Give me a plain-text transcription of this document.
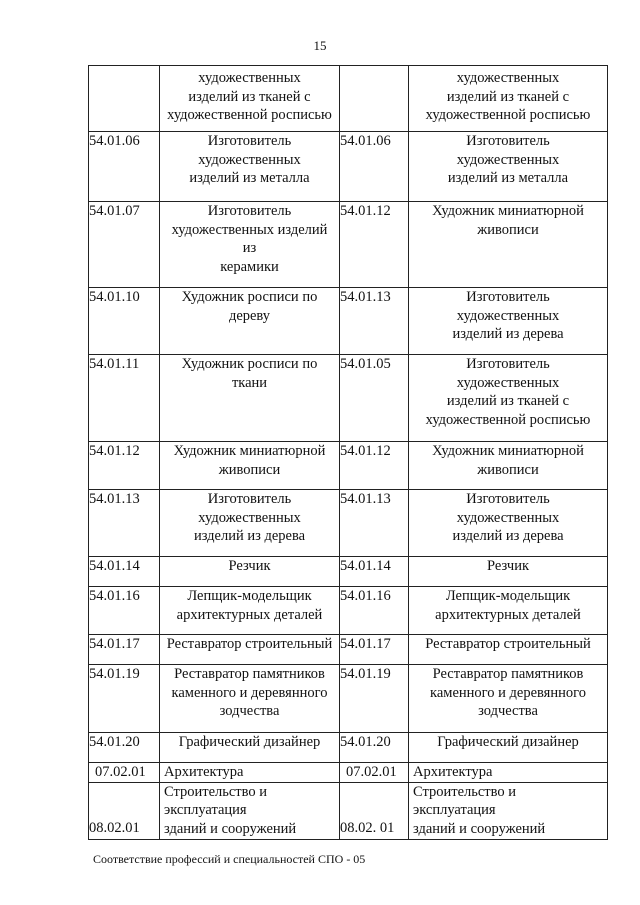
15
	художественных
изделий из тканей с
художественной росписью		художественных
изделий из тканей с
художественной росписью
54.01.06	Изготовитель
художественных
изделий из металла	54.01.06	Изготовитель
художественных
изделий из металла
54.01.07	Изготовитель
художественных изделий
из
керамики	54.01.12	Художник миниатюрной
живописи
54.01.10	Художник росписи по
дереву	54.01.13	Изготовитель
художественных
изделий из дерева
54.01.11	Художник росписи по
ткани	54.01.05	Изготовитель
художественных
изделий из тканей с
художественной росписью
54.01.12	Художник миниатюрной
живописи	54.01.12	Художник миниатюрной
живописи
54.01.13	Изготовитель
художественных
изделий из дерева	54.01.13	Изготовитель
художественных
изделий из дерева
54.01.14	Резчик	54.01.14	Резчик
54.01.16	Лепщик-модельщик
архитектурных деталей	54.01.16	Лепщик-модельщик
архитектурных деталей
54.01.17	Реставратор строительный	54.01.17	Реставратор строительный
54.01.19	Реставратор памятников
каменного и деревянного
зодчества	54.01.19	Реставратор памятников
каменного и деревянного
зодчества
54.01.20	Графический дизайнер	54.01.20	Графический дизайнер
07.02.01	Архитектура	07.02.01	Архитектура
08.02.01	Строительство и
эксплуатация
зданий и сооружений	08.02. 01	Строительство и
эксплуатация
зданий и сооружений
Соответствие профессий и специальностей СПО - 05
